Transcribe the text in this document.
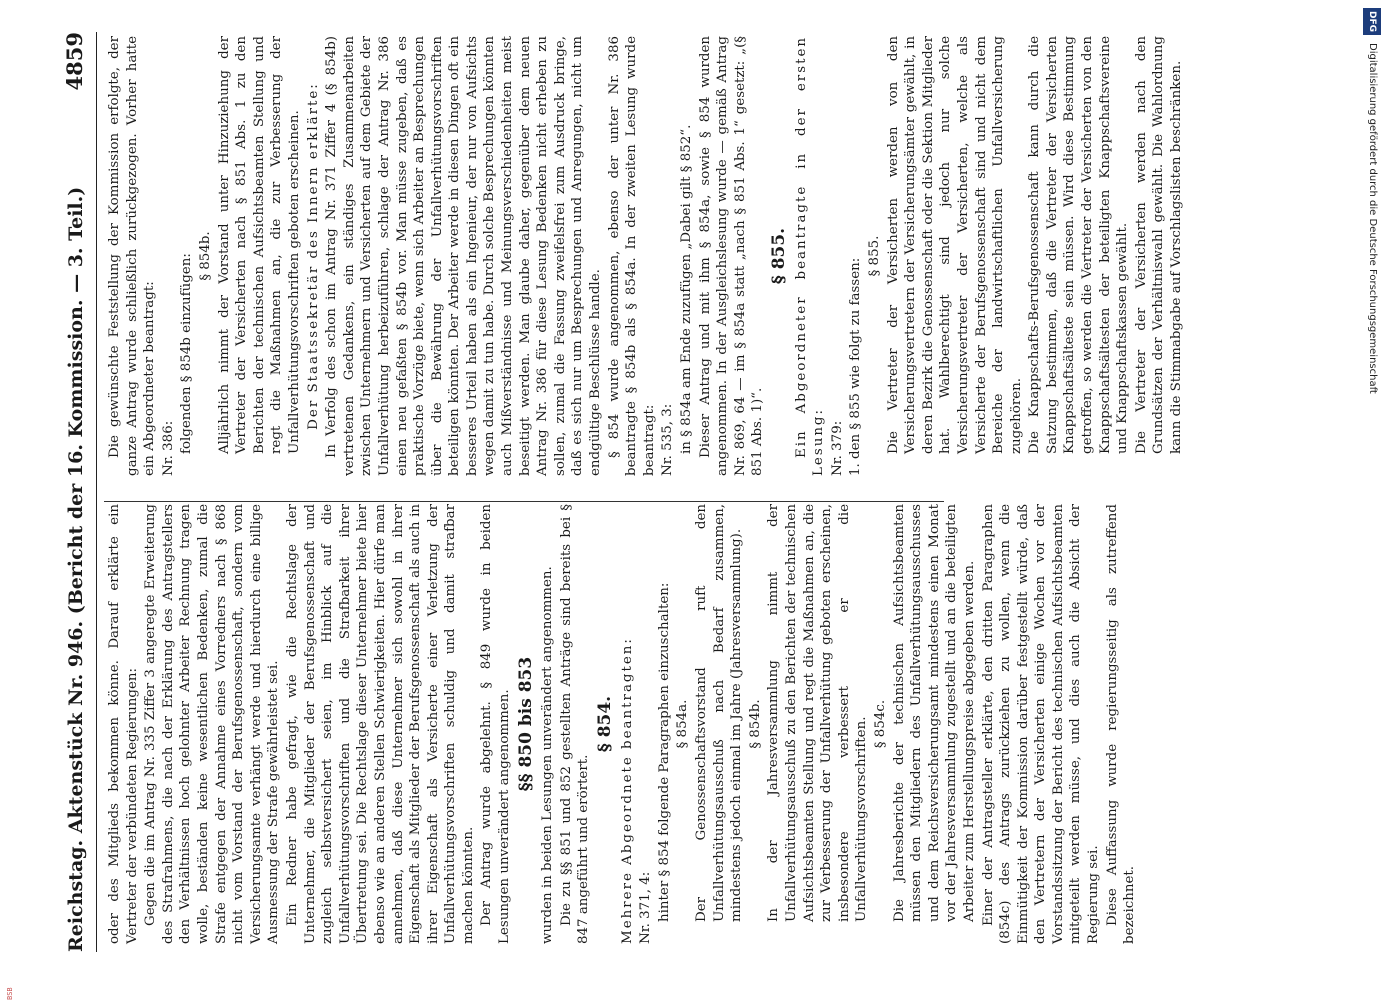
Reichstag. Aktenstück Nr. 946. (Bericht der 16. Kommission. — 3. Teil.)
4859

oder des Mitglieds bekommen könne. Darauf erklärte ein Vertreter der verbündeten Regierungen: Gegen die im Antrag Nr. 335 Ziffer 3 angeregte Erweiterung des Strafrahmens, die nach der Erklärung des Antragstellers den Verhältnissen hoch gelohnter Arbeiter Rechnung tragen wolle, beständen keine wesentlichen Bedenken, zumal die Strafe entgegen der Annahme eines Vorredners nach § 868 nicht vom Vorstand der Berufsgenossenschaft, sondern vom Versicherungsamte verhängt werde und hierdurch eine billige Ausmessung der Strafe gewährleistet sei. Ein Redner habe gefragt, wie die Rechtslage der Unternehmer, die Mitglieder der Berufsgenossenschaft und zugleich selbstversichert seien, im Hinblick auf die Unfallverhütungsvorschriften und die Strafbarkeit ihrer Übertretung sei. Die Rechtslage dieser Unternehmer biete hier ebenso wie an anderen Stellen Schwierigkeiten. Hier dürfe man annehmen, daß diese Unternehmer sich sowohl in ihrer Eigenschaft als Mitglieder der Berufsgenossenschaft als auch in ihrer Eigenschaft als Versicherte einer Verletzung der Unfallverhütungsvorschriften schuldig und damit strafbar machen könnten. Der Antrag wurde abgelehnt. § 849 wurde in beiden Lesungen unverändert angenommen. §§ 850 bis 853 wurden in beiden Lesungen unverändert angenommen. Die zu §§ 851 und 852 gestellten Anträge sind bereits bei § 847 angeführt und erörtert.

§ 854. Mehrere Abgeordnete beantragten: Nr. 371, 4: hinter § 854 folgende Paragraphen einzuschalten: § 854a. Der Genossenschaftsvorstand ruft den Unfallverhütungsausschuß nach Bedarf zusammen, mindestens jedoch einmal im Jahre (Jahresversammlung). § 854b. In der Jahresversammlung nimmt der Unfallverhütungsausschuß zu den Berichten der technischen Aufsichtsbeamten Stellung und regt die Maßnahmen an, die zur Verbesserung der Unfallverhütung geboten erscheinen, insbesondere verbessert er die Unfallverhütungsvorschriften. § 854c. Die Jahresberichte der technischen Aufsichtsbeamten müssen den Mitgliedern des Unfallverhütungsausschusses und dem Reichsversicherungsamt mindestens einen Monat vor der Jahresversammlung zugestellt und an die beteiligten Arbeiter zum Herstellungspreise abgegeben werden. Einer der Antragsteller erklärte, den dritten Paragraphen (854c) des Antrags zurückziehen zu wollen, wenn die Einmütigkeit der Kommission darüber festgestellt würde, daß den Vertretern der Versicherten einige Wochen vor der Vorstandssitzung der Bericht des technischen Aufsichtsbeamten mitgeteilt werden müsse, und dies auch die Absicht der Regierung sei. Diese Auffassung wurde regierungsseitig als zutreffend bezeichnet.

Die gewünschte Feststellung der Kommission erfolgte, der ganze Antrag wurde schließlich zurückgezogen. Vorher hatte ein Abgeordneter beantragt: Nr. 386: folgenden § 854b einzufügen: § 854b. Alljährlich nimmt der Vorstand unter Hinzuziehung der Vertreter der Versicherten nach § 851 Abs. 1 zu den Berichten der technischen Aufsichtsbeamten Stellung und regt die Maßnahmen an, die zur Verbesserung der Unfallverhütungsvorschriften geboten erscheinen. Der Staatssekretär des Innern erklärte: In Verfolg des schon im Antrag Nr. 371 Ziffer 4 (§ 854b) vertretenen Gedankens, ein ständiges Zusammenarbeiten zwischen Unternehmern und Versicherten auf dem Gebiete der Unfallverhütung herbeizuführen, schlage der Antrag Nr. 386 einen neu gefaßten § 854b vor. Man müsse zugeben, daß es praktische Vorzüge biete, wenn sich Arbeiter an Besprechungen über die Bewährung der Unfallverhütungsvorschriften beteiligen könnten. Der Arbeiter werde in diesen Dingen oft ein besseres Urteil haben als ein Ingenieur, der nur von Aufsichts wegen damit zu tun habe. Durch solche Besprechungen könnten auch Mißverständnisse und Meinungsverschiedenheiten meist beseitigt werden. Man glaube daher, gegenüber dem neuen Antrag Nr. 386 für diese Lesung Bedenken nicht erheben zu sollen, zumal die Fassung zweifelsfrei zum Ausdruck bringe, daß es sich nur um Besprechungen und Anregungen, nicht um endgültige Beschlüsse handle. § 854 wurde angenommen, ebenso der unter Nr. 386 beantragte § 854b als § 854a. In der zweiten Lesung wurde beantragt: Nr. 535, 3: in § 854a am Ende zuzufügen „Dabei gilt § 852“. Dieser Antrag und mit ihm § 854a, sowie § 854 wurden angenommen. In der Ausgleichslesung wurde — gemäß Antrag Nr. 869, 64 — im § 854a statt „nach § 851 Abs. 1“ gesetzt: „(§ 851 Abs. 1)“.

§ 855. Ein Abgeordneter beantragte in der ersten Lesung: Nr. 379: 1. den § 855 wie folgt zu fassen:

§ 855. Die Vertreter der Versicherten werden von den Versicherungsvertretern der Versicherungsämter gewählt, in deren Bezirk die Genossenschaft oder die Sektion Mitglieder hat. Wahlberechtigt sind jedoch nur solche Versicherungsvertreter der Versicherten, welche als Versicherte der Berufsgenossenschaft sind und nicht dem Bereiche der landwirtschaftlichen Unfallversicherung zugehören. Die Knappschafts-Berufsgenossenschaft kann durch die Satzung bestimmen, daß die Vertreter der Versicherten Knappschaftsälteste sein müssen. Wird diese Bestimmung getroffen, so werden die Vertreter der Versicherten von den Knappschaftsältesten der beteiligten Knappschaftsvereine und Knappschaftskassen gewählt. Die Vertreter der Versicherten werden nach den Grundsätzen der Verhältniswahl gewählt. Die Wahlordnung kann die Stimmabgabe auf Vorschlagslisten beschränken.

DFGDigitalisierung gefördert durch die Deutsche Forschungsgemeinschaft
BSB
